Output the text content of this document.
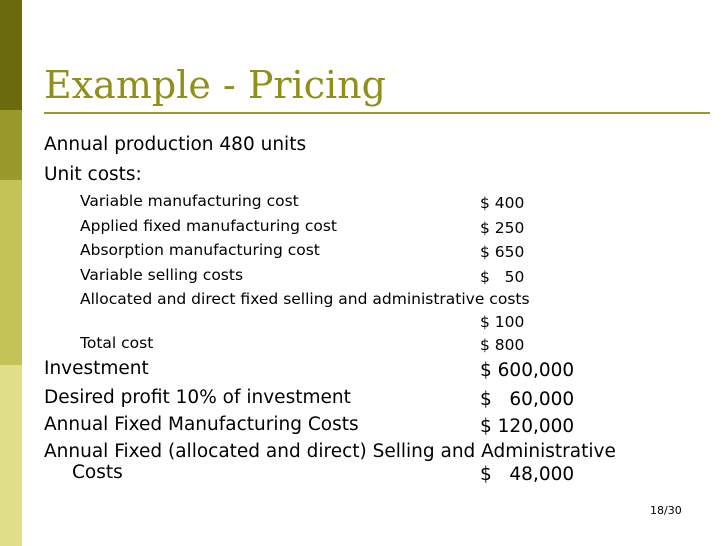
Example - Pricing
Annual production 480 units
Unit costs:
Variable manufacturing cost	$ 400
Applied fixed manufacturing cost	$ 250
Absorption manufacturing cost	$ 650
Variable selling costs	$   50
Allocated and direct fixed selling and administrative costs
$ 100
Total cost	$ 800
Investment	$ 600,000
Desired profit 10% of investment	$   60,000
Annual Fixed Manufacturing Costs	$ 120,000
Annual Fixed (allocated and direct) Selling and Administrative
Costs	$   48,000
18/30
